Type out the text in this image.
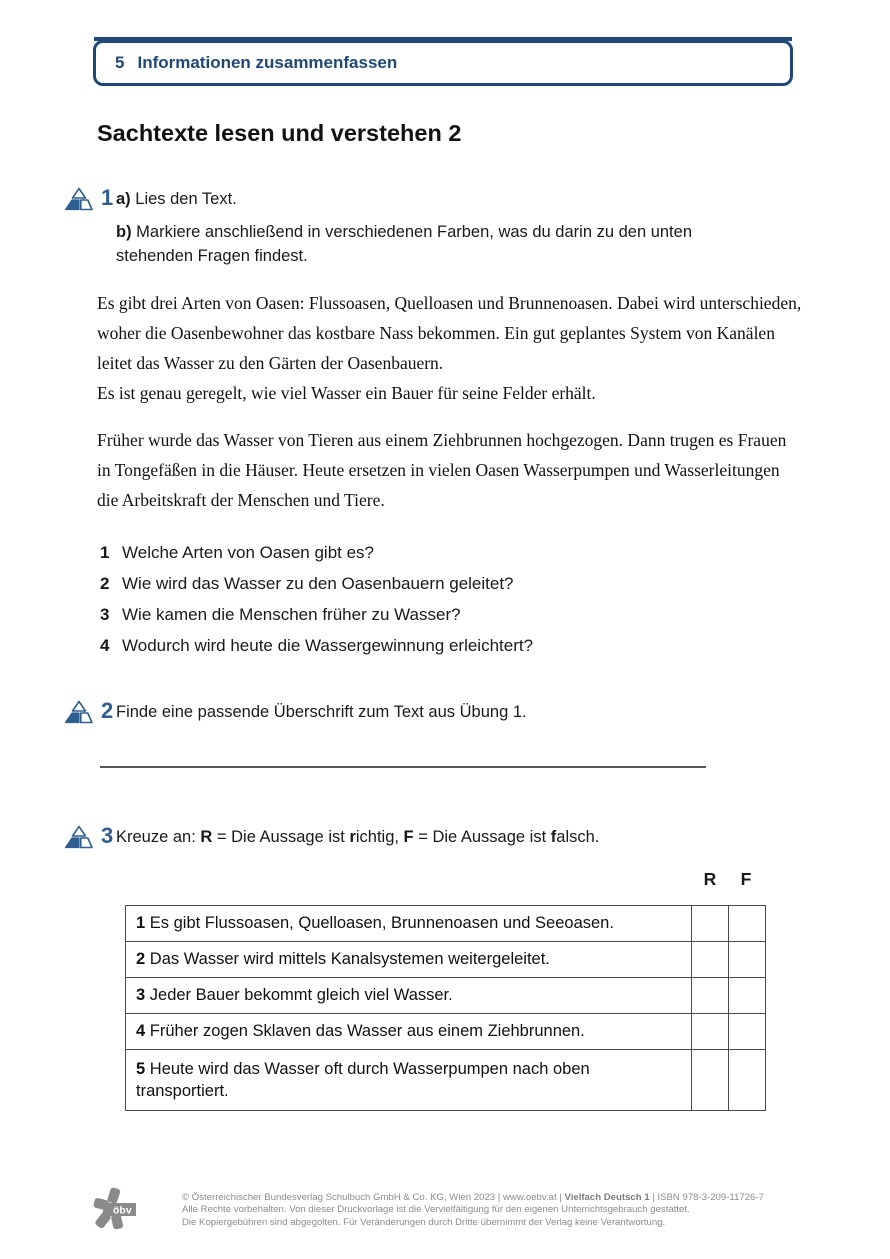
5 Informationen zusammenfassen
Sachtexte lesen und verstehen 2
1 a) Lies den Text.
b) Markiere anschließend in verschiedenen Farben, was du darin zu den unten
stehenden Fragen findest.
Es gibt drei Arten von Oasen: Flussoasen, Quelloasen und Brunnenoasen. Dabei wird unterschieden,
woher die Oasenbewohner das kostbare Nass bekommen. Ein gut geplantes System von Kanälen
leitet das Wasser zu den Gärten der Oasenbauern.
Es ist genau geregelt, wie viel Wasser ein Bauer für seine Felder erhält.
Früher wurde das Wasser von Tieren aus einem Ziehbrunnen hochgezogen. Dann trugen es Frauen
in Tongefäßen in die Häuser. Heute ersetzen in vielen Oasen Wasserpumpen und Wasserleitungen
die Arbeitskraft der Menschen und Tiere.
1 Welche Arten von Oasen gibt es?
2 Wie wird das Wasser zu den Oasenbauern geleitet?
3 Wie kamen die Menschen früher zu Wasser?
4 Wodurch wird heute die Wassergewinnung erleichtert?
2 Finde eine passende Überschrift zum Text aus Übung 1.
3 Kreuze an: R = Die Aussage ist richtig, F = Die Aussage ist falsch.
R	F
1 Es gibt Flussoasen, Quelloasen, Brunnenoasen und Seeoasen.		
2 Das Wasser wird mittels Kanalsystemen weitergeleitet.		
3 Jeder Bauer bekommt gleich viel Wasser.		
4 Früher zogen Sklaven das Wasser aus einem Ziehbrunnen.		
5 Heute wird das Wasser oft durch Wasserpumpen nach oben transportiert.		
öbv
© Österreichischer Bundesverlag Schulbuch GmbH & Co. KG, Wien 2023 | www.oebv.at | Vielfach Deutsch 1 | ISBN 978-3-209-11726-7
Alle Rechte vorbehalten. Von dieser Druckvorlage ist die Vervielfältigung für den eigenen Unterrichtsgebrauch gestattet.
Die Kopiergebühren sind abgegolten. Für Veränderungen durch Dritte übernimmt der Verlag keine Verantwortung.
